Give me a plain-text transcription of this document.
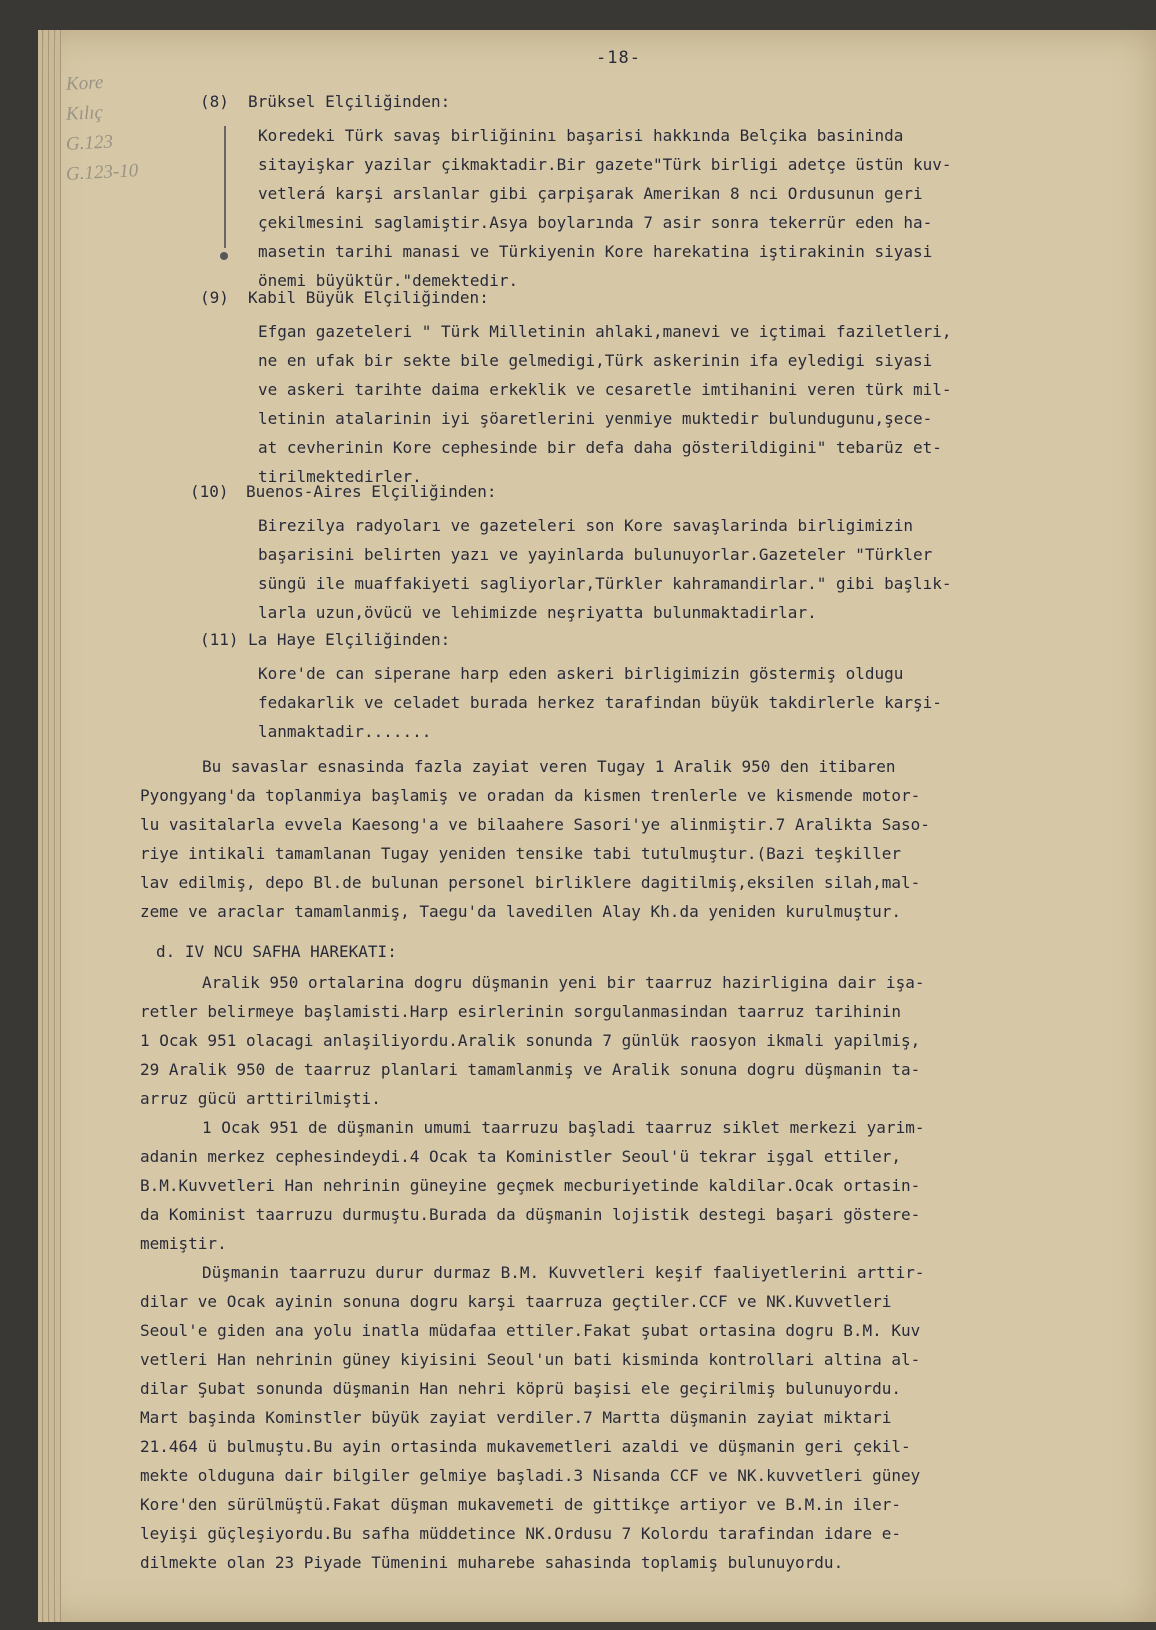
-18-
Kore
Kılıç
G.123
G.123-10
(8) Brüksel Elçiliğinden:
Koredeki Türk savaş birliğininı başarisi hakkında Belçika basininda
sitayişkar yazilar çikmaktadir.Bir gazete"Türk birligi adetçe üstün kuv-
vetlerá karşi arslanlar gibi çarpişarak Amerikan 8 nci Ordusunun geri
çekilmesini saglamiştir.Asya boylarında 7 asir sonra tekerrür eden ha-
masetin tarihi manasi ve Türkiyenin Kore harekatina iştirakinin siyasi
önemi büyüktür."demektedir.
(9) Kabil Büyük Elçiliğinden:
Efgan gazeteleri " Türk Milletinin ahlaki,manevi ve içtimai faziletleri,
ne en ufak bir sekte bile gelmedigi,Türk askerinin ifa eyledigi siyasi
ve askeri tarihte daima erkeklik ve cesaretle imtihanini veren türk mil-
letinin atalarinin iyi şöaretlerini yenmiye muktedir bulundugunu,şece-
at cevherinin Kore cephesinde bir defa daha gösterildigini" tebarüz et-
tirilmektedirler.
(10) Buenos-Aires Elçiliğinden:
Birezilya radyoları ve gazeteleri son Kore savaşlarinda birligimizin
başarisini belirten yazı ve yayinlarda bulunuyorlar.Gazeteler "Türkler
süngü ile muaffakiyeti sagliyorlar,Türkler kahramandirlar." gibi başlık-
larla uzun,övücü ve lehimizde neşriyatta bulunmaktadirlar.
(11) La Haye Elçiliğinden:
Kore'de can siperane harp eden askeri birligimizin göstermiş oldugu
fedakarlik ve celadet burada herkez tarafindan büyük takdirlerle karşi-
lanmaktadir.......
Bu savaslar esnasinda fazla zayiat veren Tugay 1 Aralik 950 den itibaren
Pyongyang'da toplanmiya başlamiş ve oradan da kismen trenlerle ve kismende motor-
lu vasitalarla evvela Kaesong'a ve bilaahere Sasori'ye alinmiştir.7 Aralikta Saso-
riye intikali tamamlanan Tugay yeniden tensike tabi tutulmuştur.(Bazi teşkiller
lav edilmiş, depo Bl.de bulunan personel birliklere dagitilmiş,eksilen silah,mal-
zeme ve araclar tamamlanmiş, Taegu'da lavedilen Alay Kh.da yeniden kurulmuştur.
d. IV NCU SAFHA HAREKATI:
Aralik 950 ortalarina dogru düşmanin yeni bir taarruz hazirligina dair işa-
retler belirmeye başlamisti.Harp esirlerinin sorgulanmasindan taarruz tarihinin
1 Ocak 951 olacagi anlaşiliyordu.Aralik sonunda 7 günlük raosyon ikmali yapilmiş,
29 Aralik 950 de taarruz planlari tamamlanmiş ve Aralik sonuna dogru düşmanin ta-
arruz gücü arttirilmişti.
1 Ocak 951 de düşmanin umumi taarruzu başladi taarruz siklet merkezi yarim-
adanin merkez cephesindeydi.4 Ocak ta Koministler Seoul'ü tekrar işgal ettiler,
B.M.Kuvvetleri Han nehrinin güneyine geçmek mecburiyetinde kaldilar.Ocak ortasin-
da Kominist taarruzu durmuştu.Burada da düşmanin lojistik destegi başari göstere-
memiştir.
Düşmanin taarruzu durur durmaz B.M. Kuvvetleri keşif faaliyetlerini arttir-
dilar ve Ocak ayinin sonuna dogru karşi taarruza geçtiler.CCF ve NK.Kuvvetleri
Seoul'e giden ana yolu inatla müdafaa ettiler.Fakat şubat ortasina dogru B.M. Kuv
vetleri Han nehrinin güney kiyisini Seoul'un bati kisminda kontrollari altina al-
dilar Şubat sonunda düşmanin Han nehri köprü başisi ele geçirilmiş bulunuyordu.
Mart başinda Kominstler büyük zayiat verdiler.7 Martta düşmanin zayiat miktari
21.464 ü bulmuştu.Bu ayin ortasinda mukavemetleri azaldi ve düşmanin geri çekil-
mekte olduguna dair bilgiler gelmiye başladi.3 Nisanda CCF ve NK.kuvvetleri güney
Kore'den sürülmüştü.Fakat düşman mukavemeti de gittikçe artiyor ve B.M.in iler-
leyişi güçleşiyordu.Bu safha müddetince NK.Ordusu 7 Kolordu tarafindan idare e-
dilmekte olan 23 Piyade Tümenini muharebe sahasinda toplamiş bulunuyordu.
